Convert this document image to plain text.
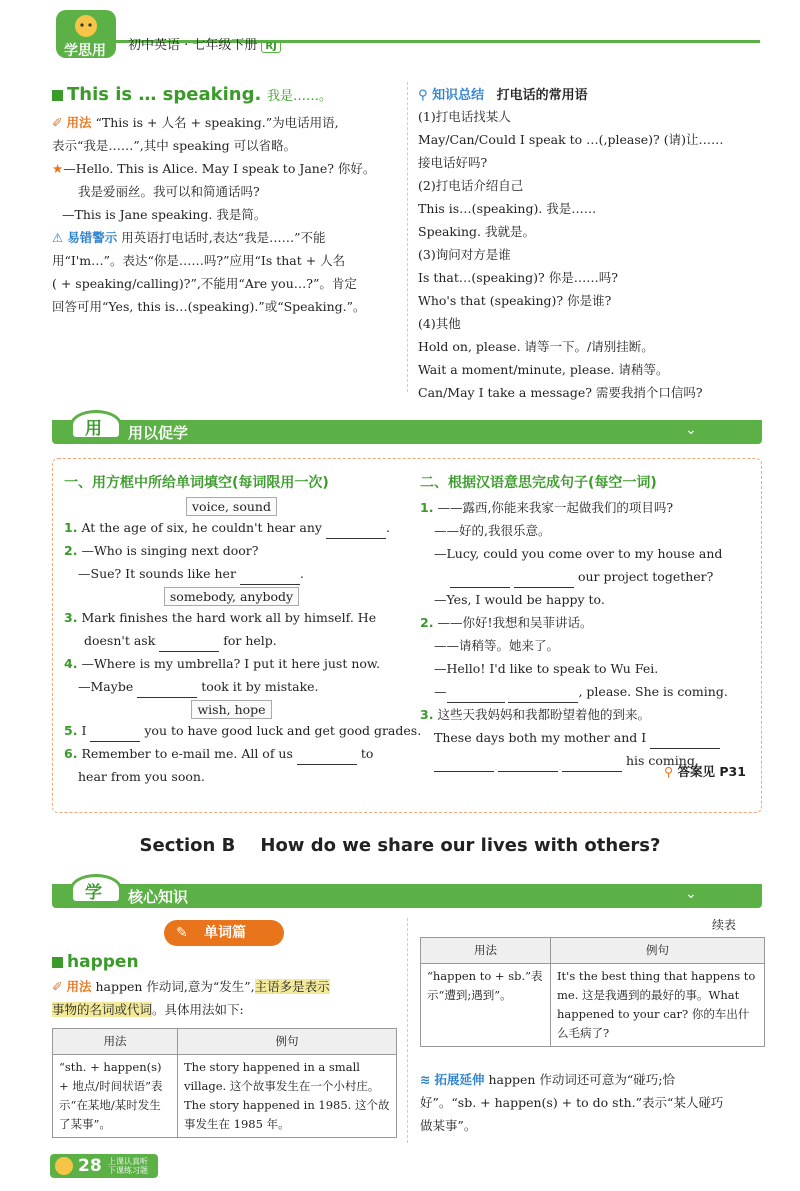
学思用 初中英语 · 七年级下册 RJ
This is … speaking. 我是……。
✐ 用法 “This is + 人名 + speaking.”为电话用语,
表示“我是……”,其中 speaking 可以省略。
★—Hello. This is Alice. May I speak to Jane? 你好。
我是爱丽丝。我可以和简通话吗?
—This is Jane speaking. 我是简。
⚠ 易错警示 用英语打电话时,表达“我是……”不能
用“I'm…”。表达“你是……吗?”应用“Is that + 人名
( + speaking/calling)?”,不能用“Are you…?”。肯定
回答可用“Yes, this is…(speaking).”或“Speaking.”。
⚲ 知识总结 打电话的常用语
(1)打电话找某人
May/Can/Could I speak to …(,please)? (请)让……
接电话好吗?
(2)打电话介绍自己
This is…(speaking). 我是……
Speaking. 我就是。
(3)询问对方是谁
Is that…(speaking)? 你是……吗?
Who's that (speaking)? 你是谁?
(4)其他
Hold on, please. 请等一下。/请别挂断。
Wait a moment/minute, please. 请稍等。
Can/May I take a message? 需要我捎个口信吗?
用 用以促学	⌄
一、用方框中所给单词填空(每词限用一次)
voice, sound
1. At the age of six, he couldn't hear any	.
2. —Who is singing next door?
—Sue? It sounds like her	.
somebody, anybody
3. Mark finishes the hard work all by himself. He
doesn't ask	for help.
4. —Where is my umbrella? I put it here just now.
—Maybe	took it by mistake.
wish, hope
5. I	you to have good luck and get good grades.
6. Remember to e-mail me. All of us	to
hear from you soon.
二、根据汉语意思完成句子(每空一词)
1. ——露西,你能来我家一起做我们的项目吗?
——好的,我很乐意。
—Lucy, could you come over to my house and
our project together?
—Yes, I would be happy to.
2. ——你好!我想和吴菲讲话。
——请稍等。她来了。
—Hello! I'd like to speak to Wu Fei.
—	, please. She is coming.
3. 这些天我妈妈和我都盼望着他的到来。
These days both my mother and I
his coming.
⚲ 答案见 P31
Section B    How do we share our lives with others?
学 核心知识	⌄
✎ 单词篇
happen
✐ 用法 happen 作动词,意为“发生”,主语多是表示
事物的名词或代词。具体用法如下:
用法	例句
“sth. + happen(s) + 地点/时间状语”表示“在某地/某时发生了某事”。	The story happened in a small village. 这个故事发生在一个小村庄。The story happened in 1985. 这个故事发生在 1985 年。
续表
用法	例句
“happen to + sb.”表示“遭到;遇到”。	It's the best thing that happens to me. 这是我遇到的最好的事。What happened to your car? 你的车出什么毛病了?
≋ 拓展延伸 happen 作动词还可意为“碰巧;恰
好”。“sb. + happen(s) + to do sth.”表示“某人碰巧
做某事”。
28 上课认真听
下课练习题
